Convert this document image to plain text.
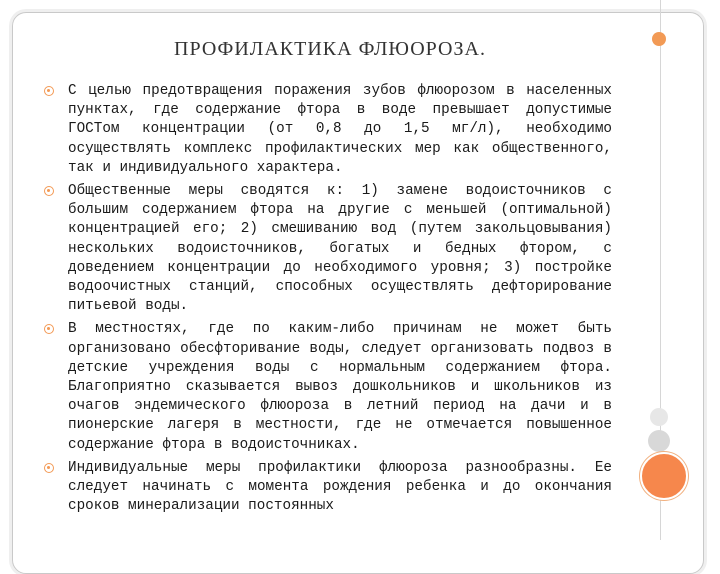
ПРОФИЛАКТИКА ФЛЮОРОЗА.
С целью предотвращения поражения зубов флюорозом в населенных пунктах, где содержание фтора в воде превышает допустимые ГОСТом концентрации (от 0,8 до 1,5 мг/л), необходимо осуществлять комплекс профилактических мер как общественного, так и индивидуального характера.
Общественные меры сводятся к: 1) замене водоисточников с большим содержанием фтора на другие с меньшей (оптимальной) концентрацией его; 2) смешиванию вод (путем закольцовывания) нескольких водоисточников, богатых и бедных фтором, с доведением концентрации до необходимого уровня; 3) постройке водоочистных станций, способных осуществлять дефторирование питьевой воды.
В местностях, где по каким-либо причинам не может быть организовано обесфторивание воды, следует организовать подвоз в детские учреждения воды с нормальным содержанием фтора. Благоприятно сказывается вывоз дошкольников и школьников из очагов эндемического флюороза в летний период на дачи и в пионерские лагеря в местности, где не отмечается повышенное содержание фтора в водоисточниках.
Индивидуальные меры профилактики флюороза разнообразны. Ее следует начинать с момента рождения ребенка и до окончания сроков минерализации постоянных
